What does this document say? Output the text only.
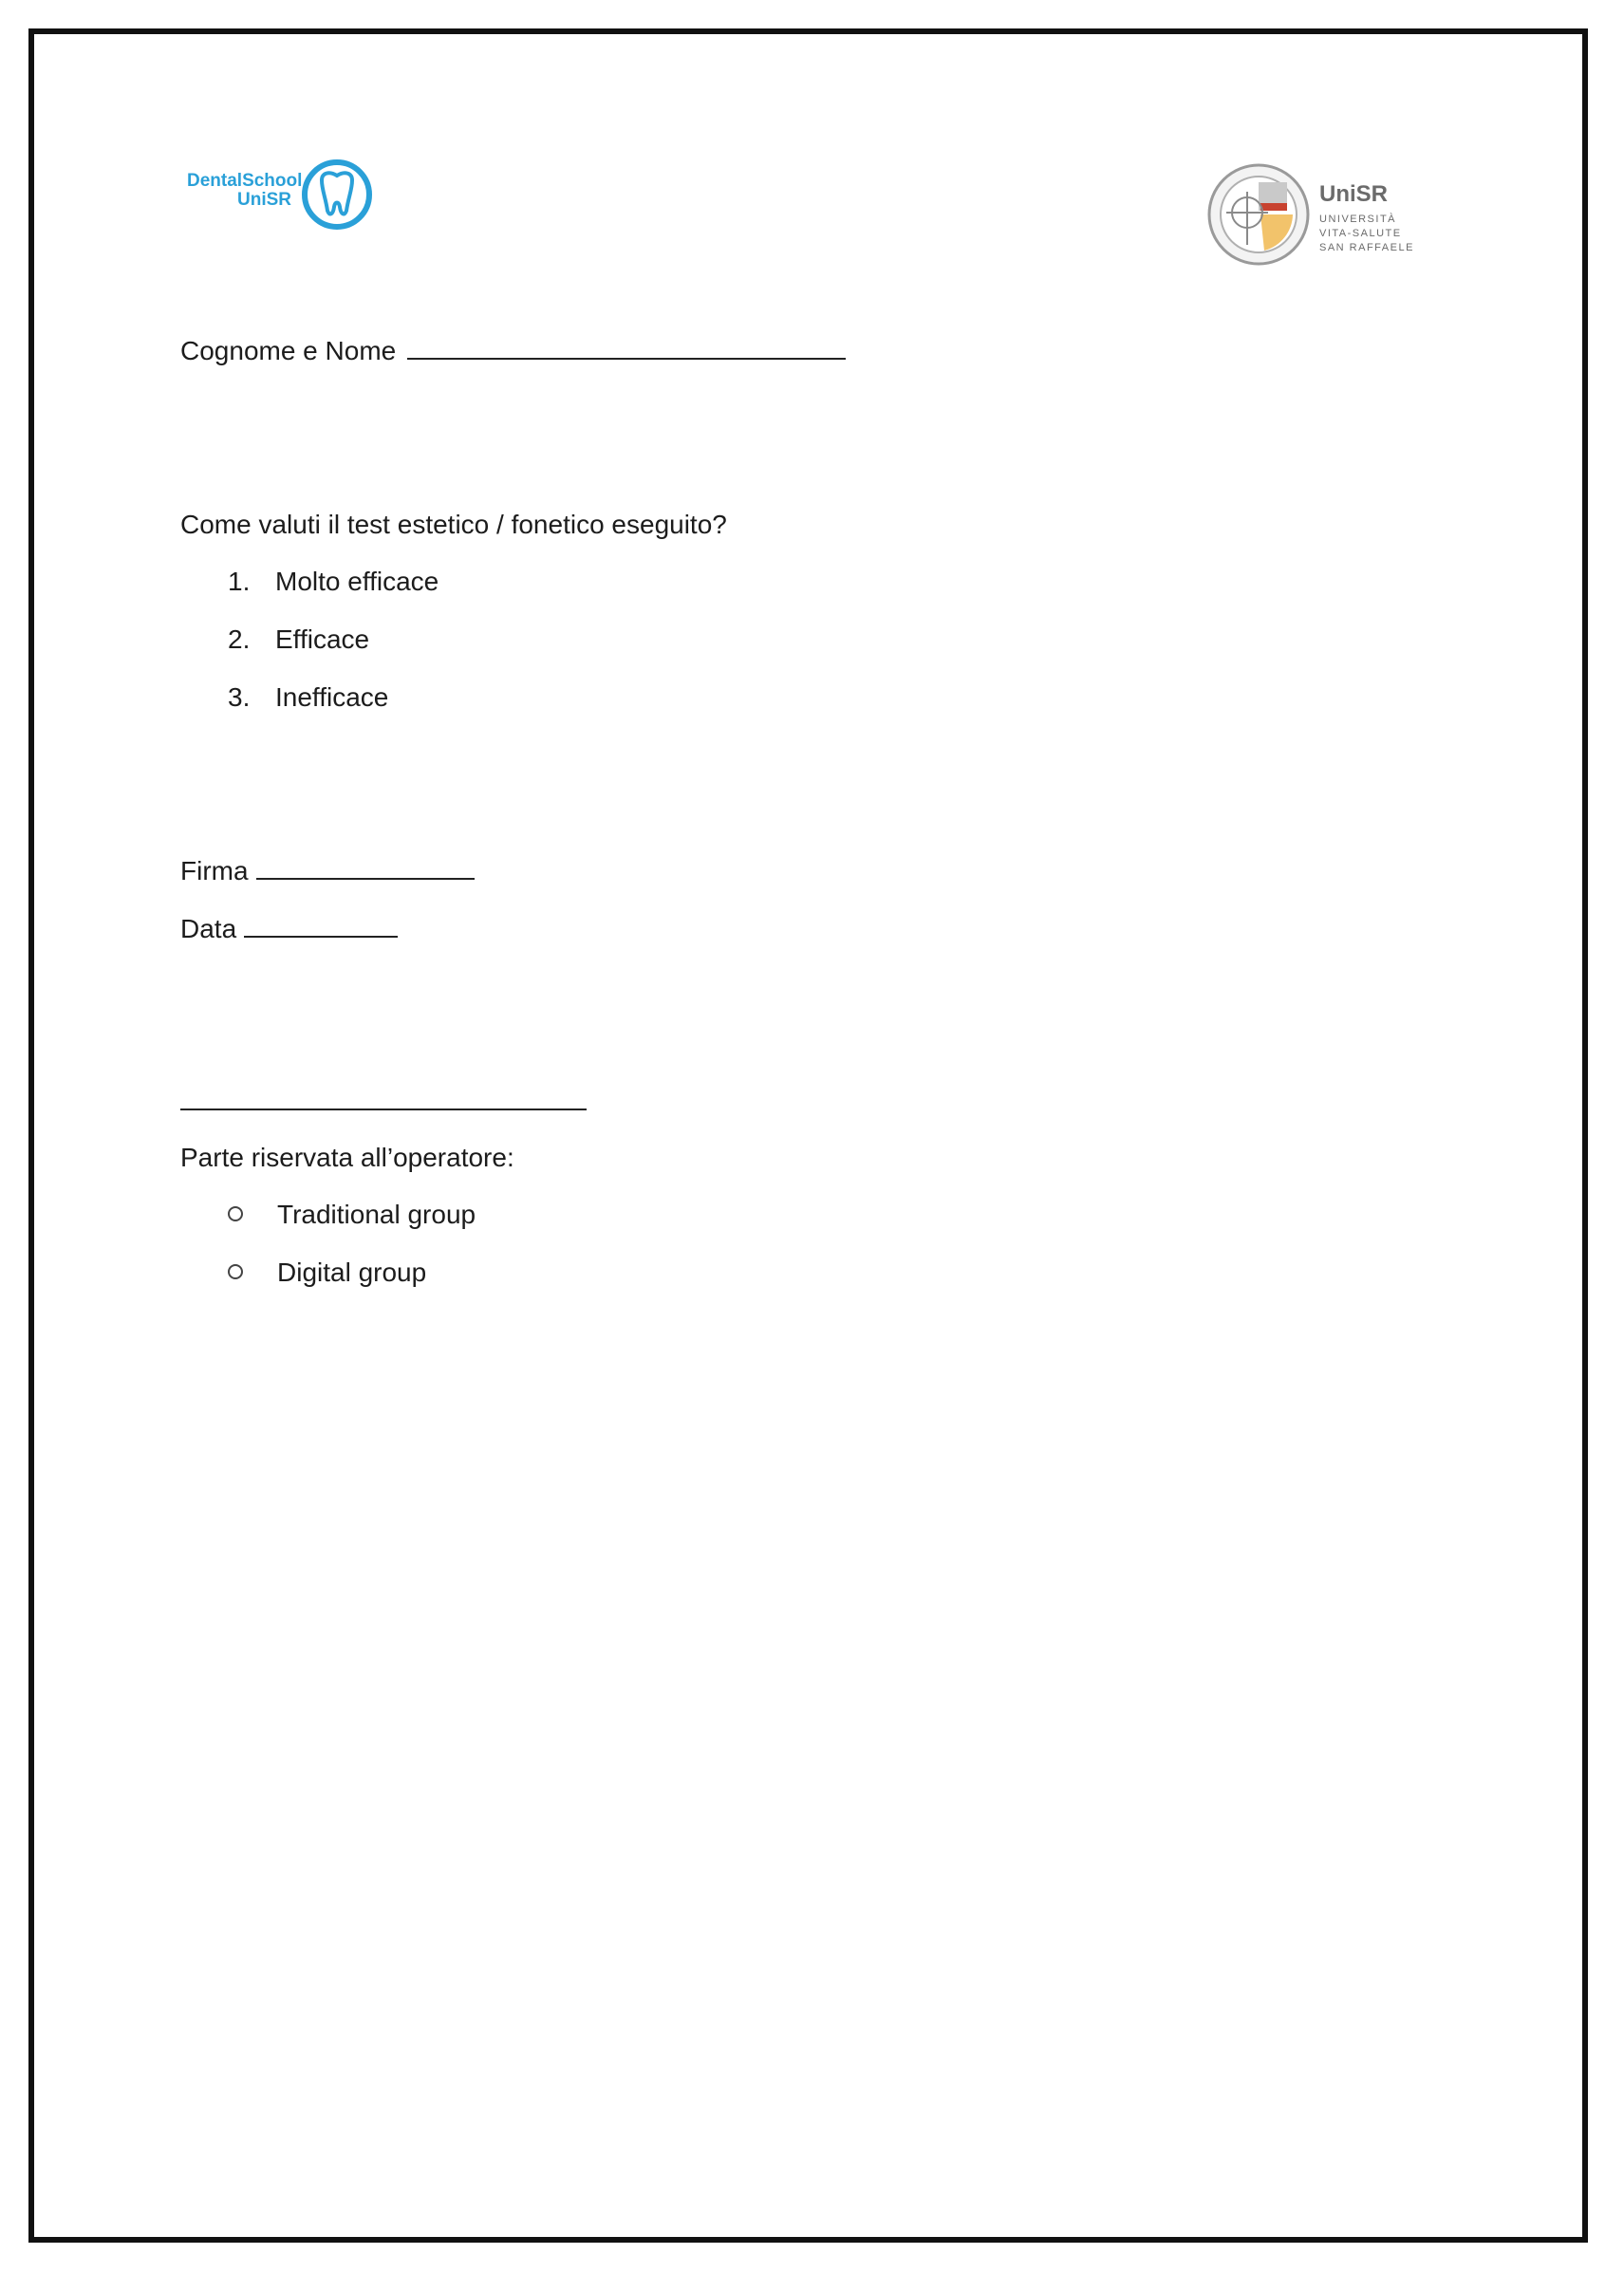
DentalSchool
UniSR	UniSR
UNIVERSITÀ
VITA-SALUTE
SAN RAFFAELE
Cognome e Nome
Come valuti il test estetico / fonetico eseguito?
1. Molto efficace
2. Efficace
3. Inefficace
Firma
Data
Parte riservata all’operatore:
Traditional group
Digital group
